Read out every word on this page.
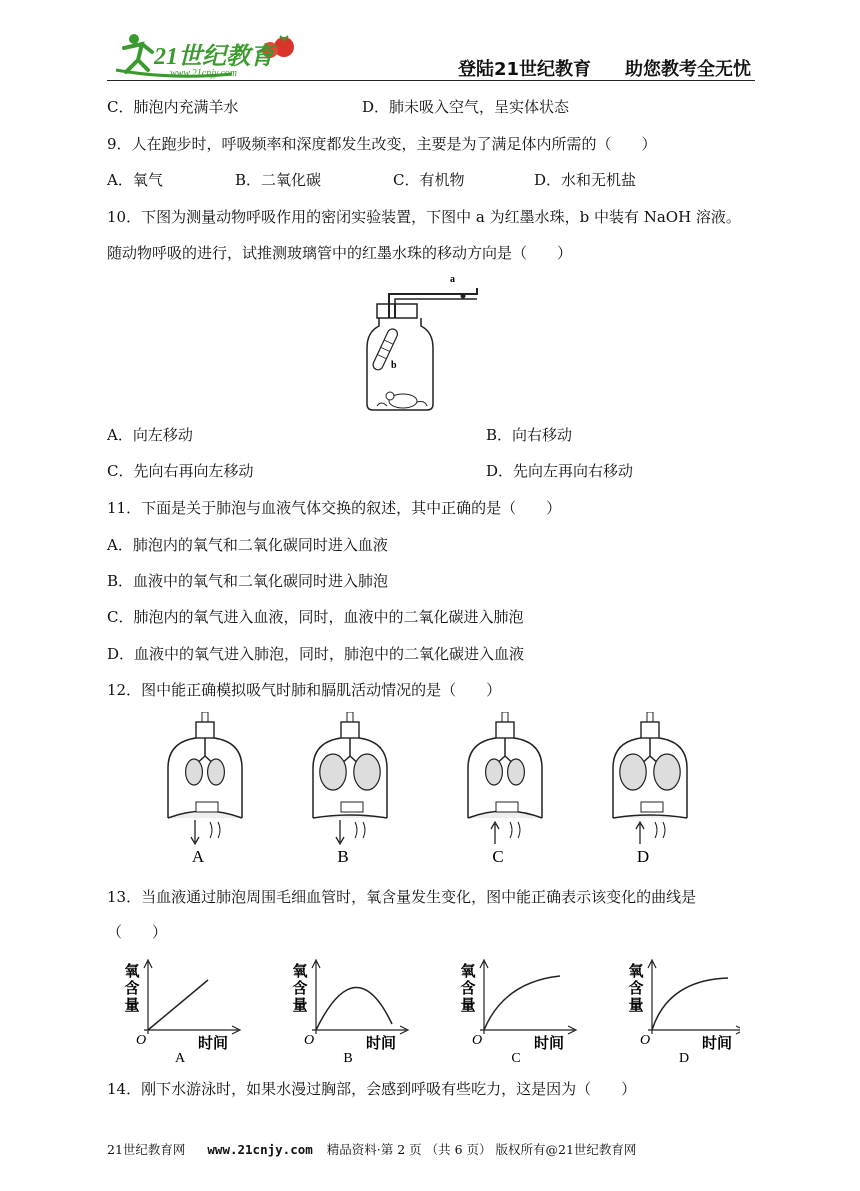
21世纪教育
www.21cnjy.com	登陆21世纪教育 助您教考全无忧
C．肺泡内充满羊水	D．肺未吸入空气，呈实体状态
9．人在跑步时，呼吸频率和深度都发生改变，主要是为了满足体内所需的（　　）
A．氧气	B．二氧化碳	C．有机物	D．水和无机盐
10．下图为测量动物呼吸作用的密闭实验装置，下图中 a 为红墨水珠，b 中装有 NaOH 溶液。
随动物呼吸的进行，试推测玻璃管中的红墨水珠的移动方向是（　　）
a
b
A．向左移动	B．向右移动
C．先向右再向左移动	D．先向左再向右移动
11．下面是关于肺泡与血液气体交换的叙述，其中正确的是（　　）
A．肺泡内的氧气和二氧化碳同时进入血液
B．血液中的氧气和二氧化碳同时进入肺泡
C．肺泡内的氧气进入血液，同时，血液中的二氧化碳进入肺泡
D．血液中的氧气进入肺泡，同时，肺泡中的二氧化碳进入血液
12．图中能正确模拟吸气时肺和膈肌活动情况的是（　　）
A	B	C	D
13．当血液通过肺泡周围毛细血管时，氧含量发生变化，图中能正确表示该变化的曲线是
（　　）
氧
含
量
O	时间
A
氧
含
量
O	时间
B
氧
含
量
O	时间
C
氧
含
量
O	时间
D
14．刚下水游泳时，如果水漫过胸部，会感到呼吸有些吃力，这是因为（　　）
21世纪教育网 www.21cnjy.com 精品资料·第 2 页 （共 6 页） 版权所有@21世纪教育网
